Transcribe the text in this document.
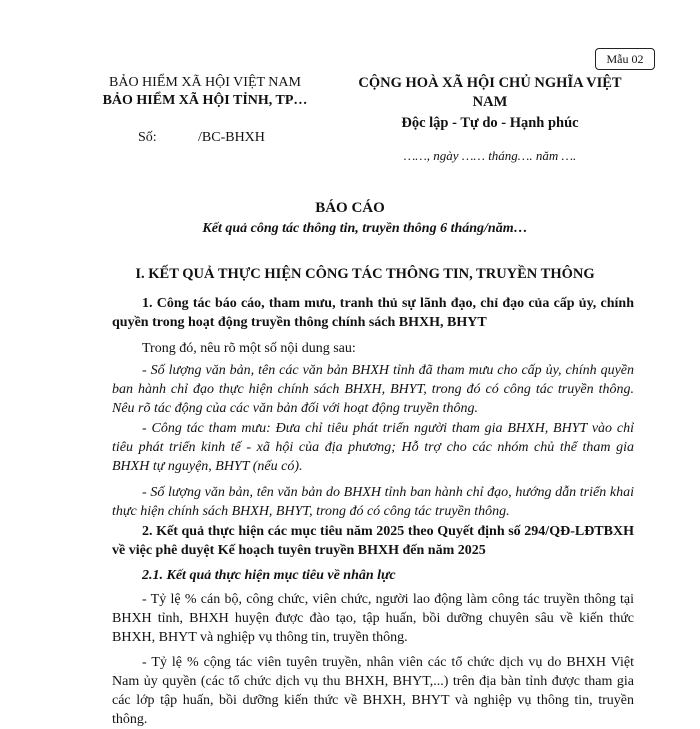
Mẫu 02
BẢO HIỂM XÃ HỘI VIỆT NAM
BẢO HIỂM XÃ HỘI TỈNH, TP…
Số:	/BC-BHXH
CỘNG HOÀ XÃ HỘI CHỦ NGHĨA VIỆT
NAM
Độc lập - Tự do - Hạnh phúc
……, ngày …… tháng…. năm ….
BÁO CÁO
Kết quả công tác thông tin, truyền thông 6 tháng/năm…
I. KẾT QUẢ THỰC HIỆN CÔNG TÁC THÔNG TIN, TRUYỀN THÔNG
1. Công tác báo cáo, tham mưu, tranh thủ sự lãnh đạo, chỉ đạo của cấp ủy, chính quyền trong hoạt động truyền thông chính sách BHXH, BHYT
Trong đó, nêu rõ một số nội dung sau:
- Số lượng văn bản, tên các văn bản BHXH tỉnh đã tham mưu cho cấp ủy, chính quyền ban hành chỉ đạo thực hiện chính sách BHXH, BHYT, trong đó có công tác truyền thông. Nêu rõ tác động của các văn bản đối với hoạt động truyền thông.
- Công tác tham mưu: Đưa chỉ tiêu phát triển người tham gia BHXH, BHYT vào chỉ tiêu phát triển kinh tế - xã hội của địa phương; Hỗ trợ cho các nhóm chủ thể tham gia BHXH tự nguyện, BHYT (nếu có).
- Số lượng văn bản, tên văn bản do BHXH tỉnh ban hành chỉ đạo, hướng dẫn triển khai thực hiện chính sách BHXH, BHYT, trong đó có công tác truyền thông.
2. Kết quả thực hiện các mục tiêu năm 2025 theo Quyết định số 294/QĐ-LĐTBXH về việc phê duyệt Kế hoạch tuyên truyền BHXH đến năm 2025
2.1. Kết quả thực hiện mục tiêu về nhân lực
- Tỷ lệ % cán bộ, công chức, viên chức, người lao động làm công tác truyền thông tại BHXH tỉnh, BHXH huyện được đào tạo, tập huấn, bồi dưỡng chuyên sâu về kiến thức BHXH, BHYT và nghiệp vụ thông tin, truyền thông.
- Tỷ lệ % cộng tác viên tuyên truyền, nhân viên các tổ chức dịch vụ do BHXH Việt Nam ủy quyền (các tổ chức dịch vụ thu BHXH, BHYT,...) trên địa bàn tỉnh được tham gia các lớp tập huấn, bồi dưỡng kiến thức về BHXH, BHYT và nghiệp vụ thông tin, truyền thông.
